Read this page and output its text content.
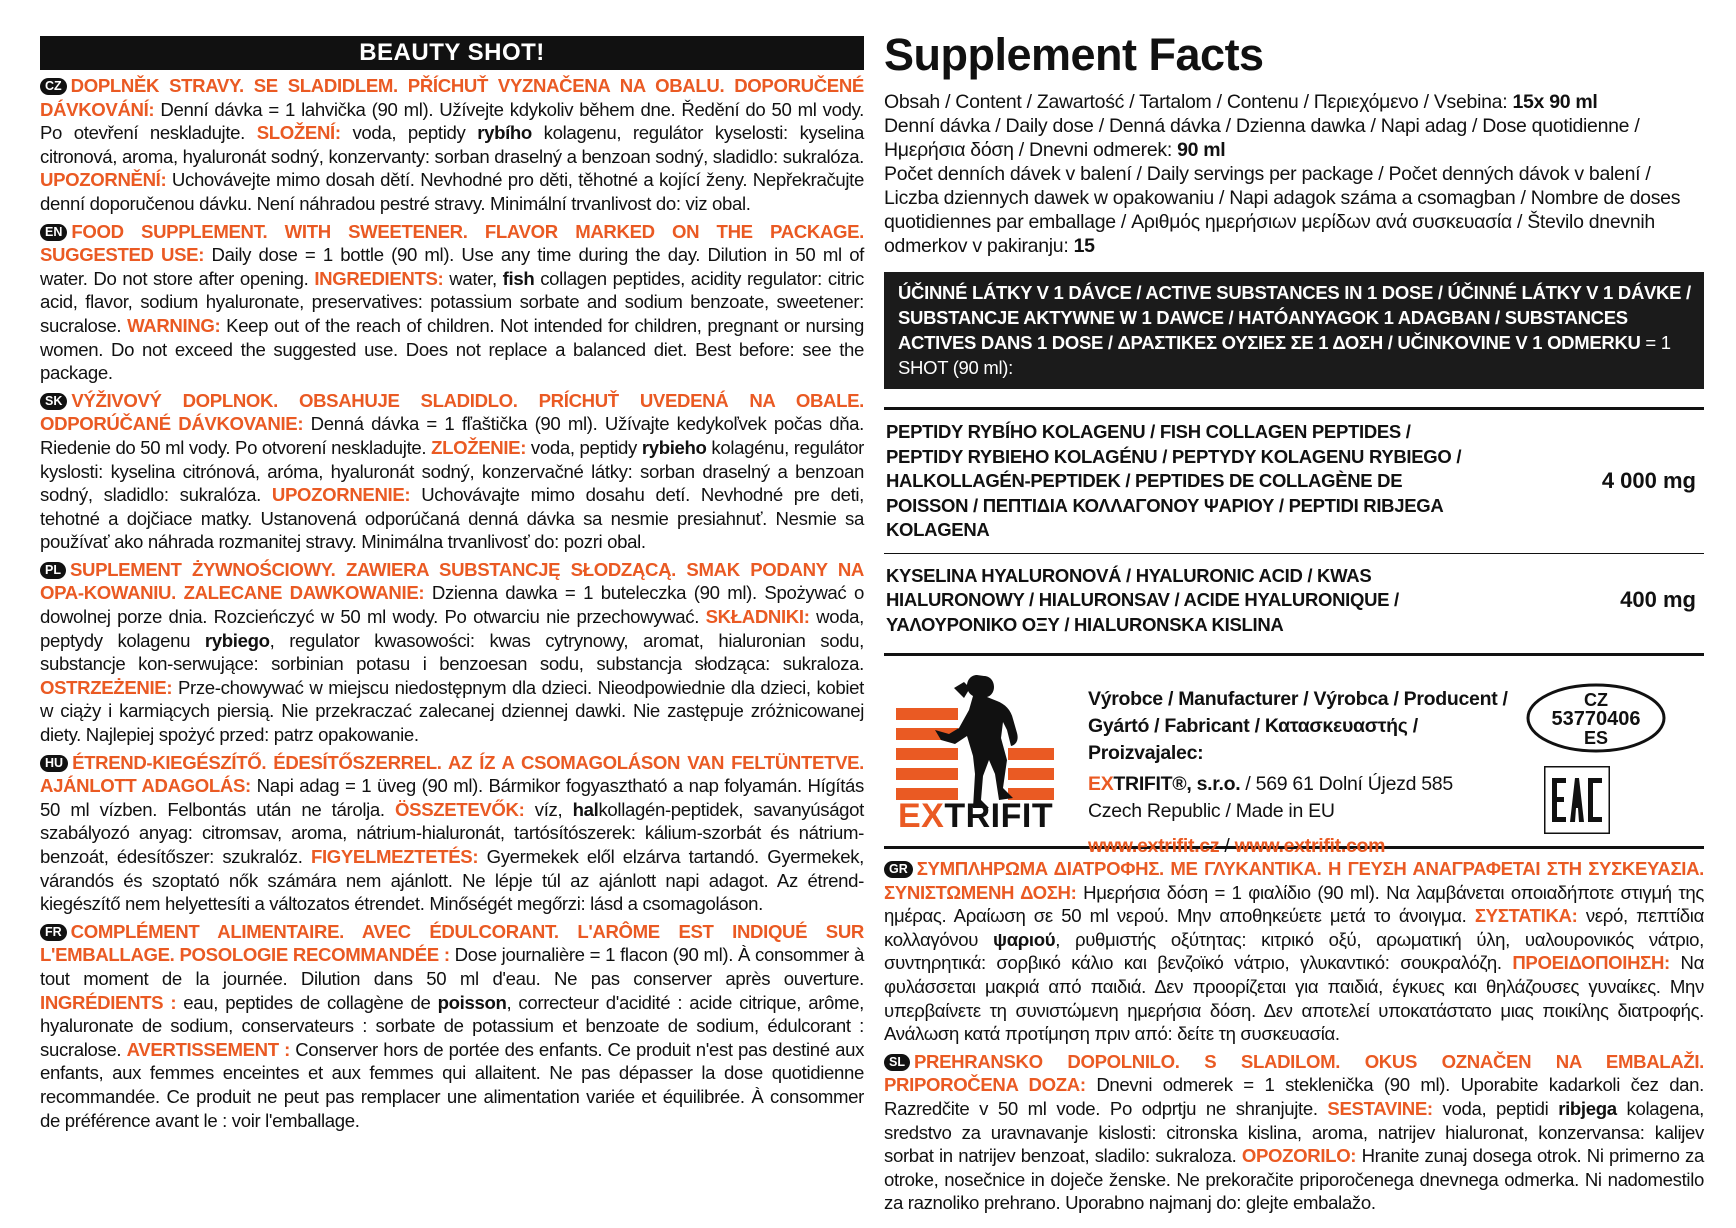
BEAUTY SHOT!

CZ DOPLNĚK STRAVY. SE SLADIDLEM. PŘÍCHUŤ VYZNAČENA NA OBALU. DOPORUČENÉ DÁVKOVÁNÍ: Denní dávka = 1 lahvička (90 ml). Užívejte kdykoliv během dne. Ředění do 50 ml vody. Po otevření neskladujte. SLOŽENÍ: voda, peptidy rybího kolagenu, regulátor kyselosti: kyselina citronová, aroma, hyaluronát sodný, konzervanty: sorban draselný a benzoan sodný, sladidlo: sukralóza. UPOZORNĚNÍ: Uchovávejte mimo dosah dětí. Nevhodné pro děti, těhotné a kojící ženy. Nepřekračujte denní doporučenou dávku. Není náhradou pestré stravy. Minimální trvanlivost do: viz obal.

EN FOOD SUPPLEMENT. WITH SWEETENER. FLAVOR MARKED ON THE PACKAGE. SUGGESTED USE: Daily dose = 1 bottle (90 ml). Use any time during the day. Dilution in 50 ml of water. Do not store after opening. INGREDIENTS: water, fish collagen peptides, acidity regulator: citric acid, flavor, sodium hyaluronate, preservatives: potassium sorbate and sodium benzoate, sweetener: sucralose. WARNING: Keep out of the reach of children. Not intended for children, pregnant or nursing women. Do not exceed the suggested use. Does not replace a balanced diet. Best before: see the package.

SK VÝŽIVOVÝ DOPLNOK. OBSAHUJE SLADIDLO. PRÍCHUŤ UVEDENÁ NA OBALE. ODPORÚČANÉ DÁVKOVANIE: Denná dávka = 1 fľaštička (90 ml). Užívajte kedykoľvek počas dňa. Riedenie do 50 ml vody. Po otvorení neskladujte. ZLOŽENIE: voda, peptidy rybieho kolagénu, regulátor kyslosti: kyselina citrónová, aróma, hyaluronát sodný, konzervačné látky: sorban draselný a benzoan sodný, sladidlo: sukralóza. UPOZORNENIE: Uchovávajte mimo dosahu detí. Nevhodné pre deti, tehotné a dojčiace matky. Ustanovená odporúčaná denná dávka sa nesmie presiahnuť. Nesmie sa používať ako náhrada rozmanitej stravy. Minimálna trvanlivosť do: pozri obal.

PL SUPLEMENT ŻYWNOŚCIOWY. ZAWIERA SUBSTANCJĘ SŁODZĄCĄ. SMAK PODANY NA OPA-KOWANIU. ZALECANE DAWKOWANIE: Dzienna dawka = 1 buteleczka (90 ml). Spożywać o dowolnej porze dnia. Rozcieńczyć w 50 ml wody. Po otwarciu nie przechowywać. SKŁADNIKI: woda, peptydy kolagenu rybiego, regulator kwasowości: kwas cytrynowy, aromat, hialuronian sodu, substancje kon-serwujące: sorbinian potasu i benzoesan sodu, substancja słodząca: sukraloza. OSTRZEŻENIE: Prze-chowywać w miejscu niedostępnym dla dzieci. Nieodpowiednie dla dzieci, kobiet w ciąży i karmiących piersią. Nie przekraczać zalecanej dziennej dawki. Nie zastępuje zróżnicowanej diety. Najlepiej spożyć przed: patrz opakowanie.

HU ÉTREND-KIEGÉSZÍTŐ. ÉDESÍTŐSZERREL. AZ ÍZ A CSOMAGOLÁSON VAN FELTÜNTETVE. AJÁNLOTT ADAGOLÁS: Napi adag = 1 üveg (90 ml). Bármikor fogyasztható a nap folyamán. Hígítás 50 ml vízben. Felbontás után ne tárolja. ÖSSZETEVŐK: víz, halkollagén-peptidek, savanyúságot szabályozó anyag: citromsav, aroma, nátrium-hialuronát, tartósítószerek: kálium-szorbát és nátrium-benzoát, édesítőszer: szukralóz. FIGYELMEZTETÉS: Gyermekek elől elzárva tartandó. Gyermekek, várandós és szoptató nők számára nem ajánlott. Ne lépje túl az ajánlott napi adagot. Az étrend-kiegészítő nem helyettesíti a változatos étrendet. Minőségét megőrzi: lásd a csomagoláson.

FR COMPLÉMENT ALIMENTAIRE. AVEC ÉDULCORANT. L'ARÔME EST INDIQUÉ SUR L'EMBALLAGE. POSOLOGIE RECOMMANDÉE : Dose journalière = 1 flacon (90 ml). À consommer à tout moment de la journée. Dilution dans 50 ml d'eau. Ne pas conserver après ouverture. INGRÉDIENTS : eau, peptides de collagène de poisson, correcteur d'acidité : acide citrique, arôme, hyaluronate de sodium, conservateurs : sorbate de potassium et benzoate de sodium, édulcorant : sucralose. AVERTISSEMENT : Conserver hors de portée des enfants. Ce produit n'est pas destiné aux enfants, aux femmes enceintes et aux femmes qui allaitent. Ne pas dépasser la dose quotidienne recommandée. Ce produit ne peut pas remplacer une alimentation variée et équilibrée. À consommer de préférence avant le : voir l'emballage.

Supplement Facts
Obsah / Content / Zawartość / Tartalom / Contenu / Περιεχόμενο / Vsebina: 15x 90 ml
Denní dávka / Daily dose / Denná dávka / Dzienna dawka / Napi adag / Dose quotidienne / Ημερήσια δόση / Dnevni odmerek: 90 ml
Počet denních dávek v balení / Daily servings per package / Počet denných dávok v balení / Liczba dziennych dawek w opakowaniu / Napi adagok száma a csomagban / Nombre de doses quotidiennes par emballage / Αριθμός ημερήσιων μερίδων ανά συσκευασία / Število dnevnih odmerkov v pakiranju: 15
ÚČINNÉ LÁTKY V 1 DÁVCE / ACTIVE SUBSTANCES IN 1 DOSE / ÚČINNÉ LÁTKY V 1 DÁVKE / SUBSTANCJE AKTYWNE W 1 DAWCE / HATÓANYAGOK 1 ADAGBAN / SUBSTANCES ACTIVES DANS 1 DOSE / ΔΡΑΣΤΙΚΕΣ ΟΥΣΙΕΣ ΣΕ 1 ΔΟΣΗ / UČINKOVINE V 1 ODMERKU = 1 SHOT (90 ml):
PEPTIDY RYBÍHO KOLAGENU / FISH COLLAGEN PEPTIDES / PEPTIDY RYBIEHO KOLAGÉNU / PEPTYDY KOLAGENU RYBIEGO / HALKOLLAGÉN-PEPTIDEK / PEPTIDES DE COLLAGÈNE DE POISSON / ΠΕΠΤΙΔΙΑ ΚΟΛΛΑΓΟΝΟΥ ΨΑΡΙΟΥ / PEPTIDI RIBJEGA KOLAGENA
4 000 mg
KYSELINA HYALURONOVÁ / HYALURONIC ACID / KWAS HIALURONOWY / HIALURONSAV / ACIDE HYALURONIQUE / ΥΑΛΟΥΡΟΝΙΚΟ ΟΞΥ / HIALURONSKA KISLINA
400 mg
EXTRIFIT
Výrobce / Manufacturer / Výrobca / Producent / Gyártó / Fabricant / Κατασκευαστής / Proizvajalec:
EXTRIFIT®, s.r.o. / 569 61 Dolní Újezd 585
Czech Republic / Made in EU
www.extrifit.cz / www.extrifit.com
CZ
53770406
ES

GR ΣΥΜΠΛΗΡΩΜΑ ΔΙΑΤΡΟΦΗΣ. ΜΕ ΓΛΥΚΑΝΤΙΚΑ. Η ΓΕΥΣΗ ΑΝΑΓΡΑΦΕΤΑΙ ΣΤΗ ΣΥΣΚΕΥΑΣΙΑ. ΣΥΝΙΣΤΩΜΕΝΗ ΔΟΣΗ: Ημερήσια δόση = 1 φιαλίδιο (90 ml). Να λαμβάνεται οποιαδήποτε στιγμή της ημέρας. Αραίωση σε 50 ml νερού. Μην αποθηκεύετε μετά το άνοιγμα. ΣΥΣΤΑΤΙΚΑ: νερό, πεπτίδια κολλαγόνου ψαριού, ρυθμιστής οξύτητας: κιτρικό οξύ, αρωματική ύλη, υαλουρονικός νάτριο, συντηρητικά: σορβικό κάλιο και βενζοϊκό νάτριο, γλυκαντικό: σουκραλόζη. ΠΡΟΕΙΔΟΠΟΙΗΣΗ: Να φυλάσσεται μακριά από παιδιά. Δεν προορίζεται για παιδιά, έγκυες και θηλάζουσες γυναίκες. Μην υπερβαίνετε τη συνιστώμενη ημερήσια δόση. Δεν αποτελεί υποκατάστατο μιας ποικίλης διατροφής. Ανάλωση κατά προτίμηση πριν από: δείτε τη συσκευασία.

SL PREHRANSKO DOPOLNILO. S SLADILOM. OKUS OZNAČEN NA EMBALAŽI. PRIPOROČENA DOZA: Dnevni odmerek = 1 stekleničkа (90 ml). Uporabite kadarkoli čez dan. Razredčite v 50 ml vode. Po odprtju ne shranjujte. SESTAVINE: voda, peptidi ribjega kolagena, sredstvo za uravnavanje kislosti: citronska kislina, aroma, natrijev hialuronat, konzervansa: kalijev sorbat in natrijev benzoat, sladilo: sukraloza. OPOZORILO: Hranite zunaj dosega otrok. Ni primerno za otroke, nosečnice in doječe ženske. Ne prekoračite priporočenega dnevnega odmerka. Ni nadomestilo za raznoliko prehrano. Uporabno najmanj do: glejte embalažo.
